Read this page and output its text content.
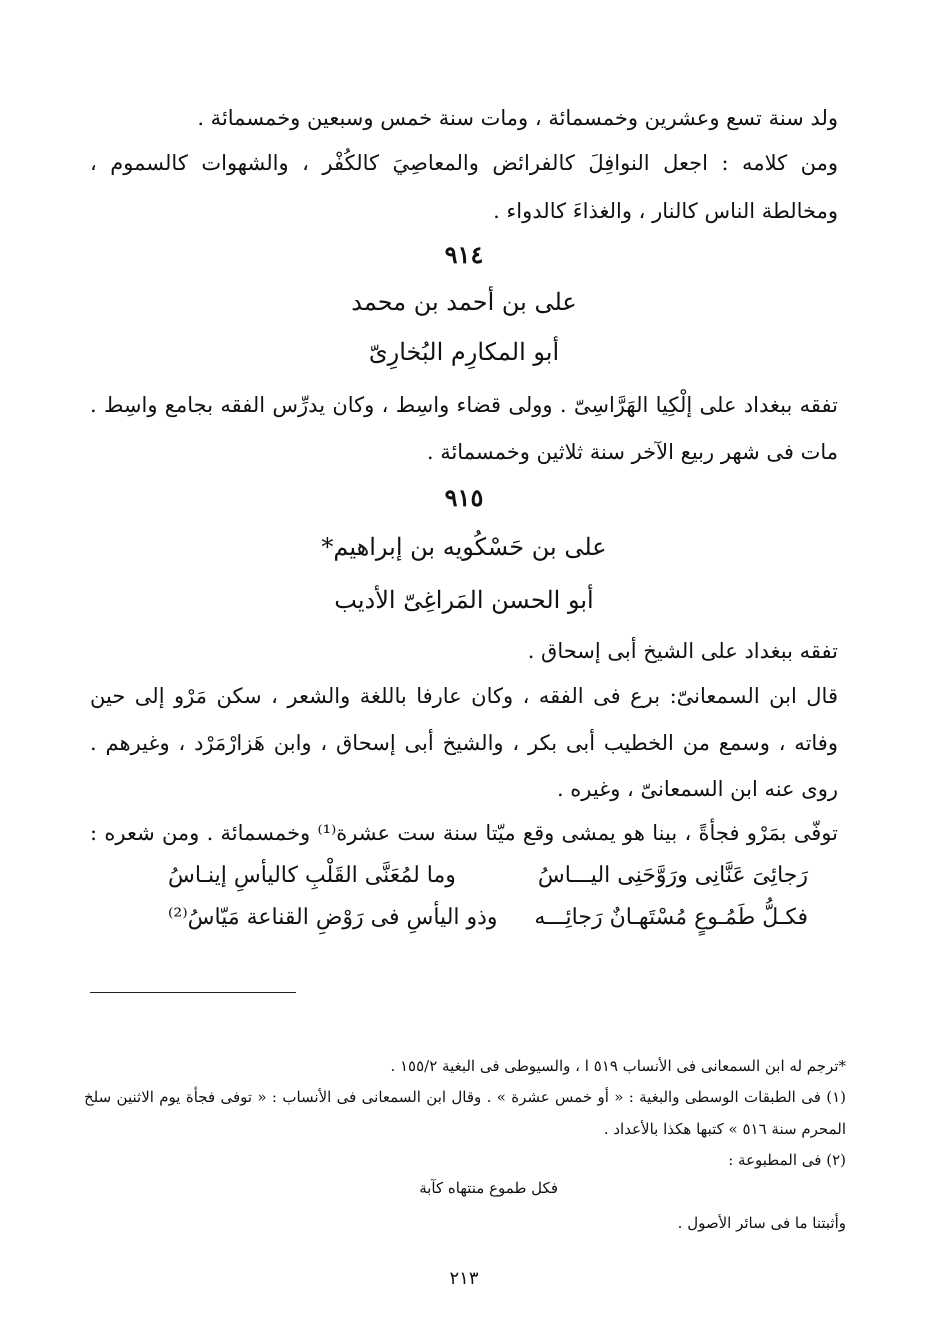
ولد سنة تسع وعشرين وخمسمائة ، ومات سنة خمس وسبعين وخمسمائة .

ومن كلامه : اجعل النوافِلَ كالفرائض والمعاصِيَ كالكُفْر ، والشهوات كالسموم ،

ومخالطة الناس كالنار ، والغذاءَ كالدواء .

٩١٤

على بن أحمد بن محمد

أبو المكارِم البُخارِىّ

تفقه ببغداد على إلْكِيا الهَرَّاسِىّ . وولى قضاء واسِط ، وكان يدرِّس الفقه بجامع واسِط .

مات فى شهر ربيع الآخر سنة ثلاثين وخمسمائة .

٩١٥

على بن حَسْكُويه بن إبراهيم*

أبو الحسن المَراغِىّ الأديب

تفقه ببغداد على الشيخ أبى إسحاق .

قال ابن السمعانىّ: برع فى الفقه ، وكان عارفا باللغة والشعر ، سكن مَرْو إلى حين

وفاته ، وسمع من الخطيب أبى بكر ، والشيخ أبى إسحاق ، وابن هَزارْمَرْد ، وغيرهم .

روى عنه ابن السمعانىّ ، وغيره .

توفّى بمَرْو فجأةً ، بينا هو يمشى وقع ميّتا سنة ست عشرة⁽¹⁾ وخمسمائة . ومن شعره :

رَجائِىَ عَنَّانِى ورَوَّحَنِى اليـــاسُ
وما لمُعَنَّى القَلْبِ كاليأسِ إينـاسُ
فكـلُّ طَمُـوعٍ مُسْتَهـانٌ رَجائِـــه
وذو اليأسِ فى رَوْضِ القناعة مَيّاسُ⁽²⁾

*ترجم له ابن السمعانى فى الأنساب ٥١٩ ا ، والسيوطى فى البغية ١٥٥/٢ .

(١) فى الطبقات الوسطى والبغية : « أو خمس عشرة » . وقال ابن السمعانى فى الأنساب : « توفى فجأة يوم الاثنين سلخ

المحرم سنة ٥١٦ » كتبها هكذا بالأعداد .

(٢) فى المطبوعة :

فكل طموع منتهاه كآبة

وأثبتنا ما فى سائر الأصول .

٢١٣
